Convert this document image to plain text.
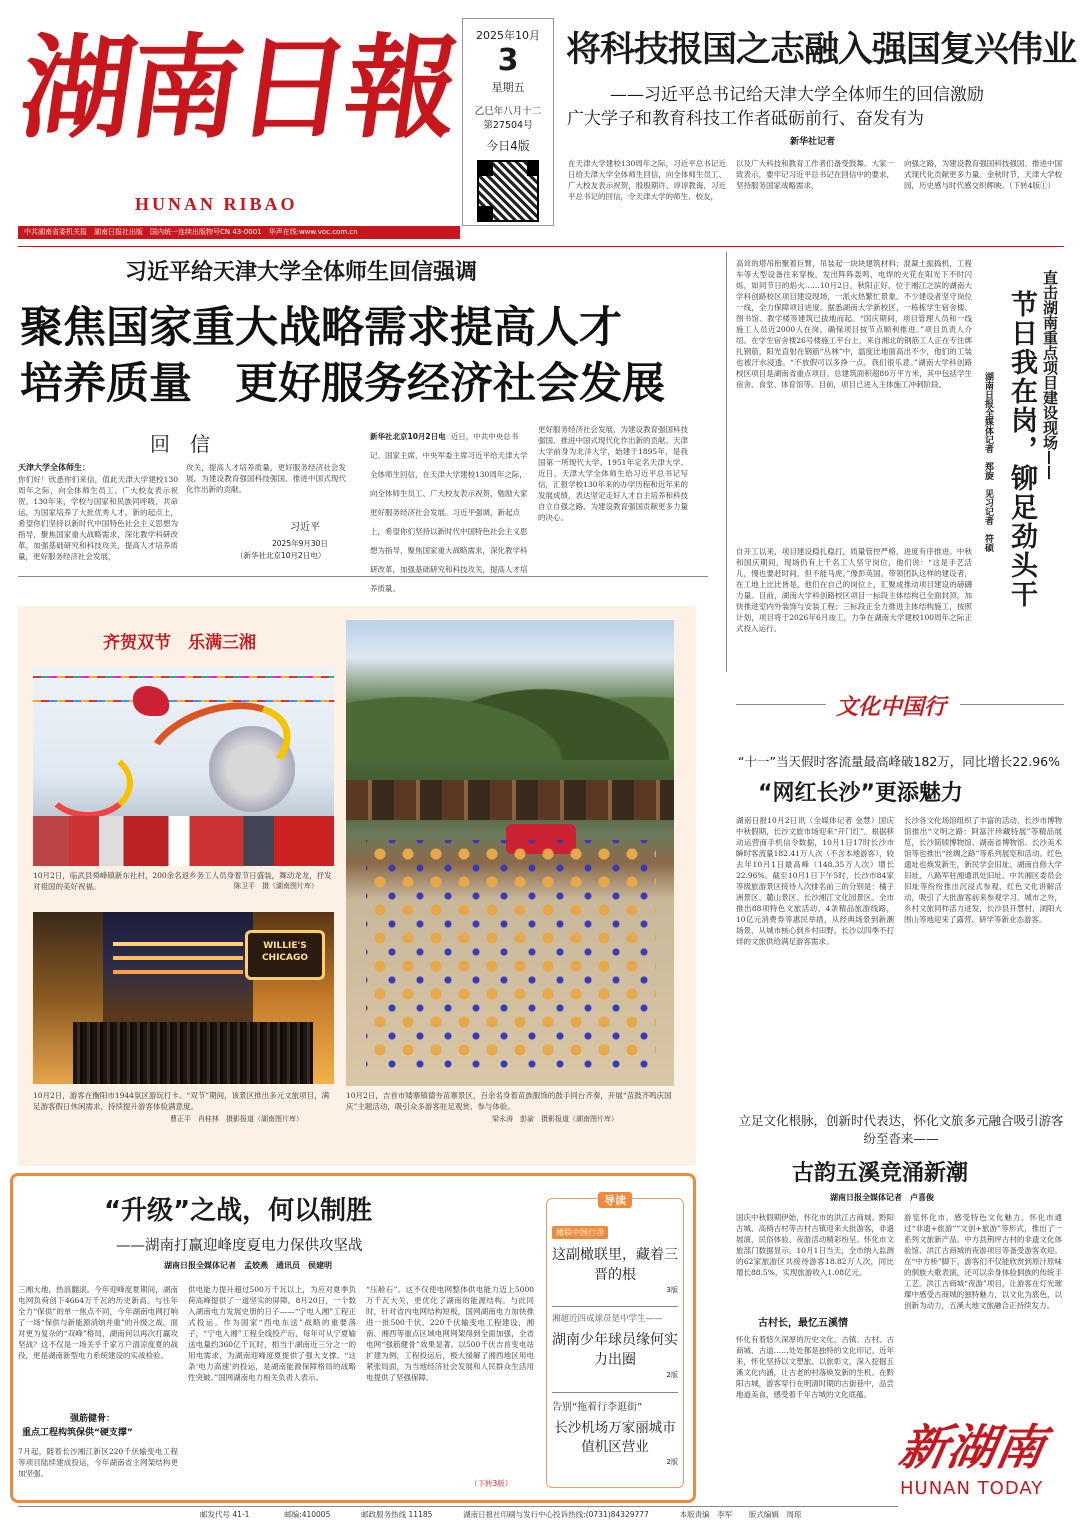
湖南日報
HUNAN RIBAO
2025年10月
3
星期五
乙巳年八月十二
第27504号
今日4版
中共湖南省委机关报　湖南日报社出版　国内统一连续出版物号CN 43-0001　华声在线:www.voc.com.cn
将科技报国之志融入强国复兴伟业
——习近平总书记给天津大学全体师生的回信激励
广大学子和教育科技工作者砥砺前行、奋发有为
新华社记者
在天津大学建校130周年之际，习近平总书记近日给天津大学全体师生回信，向全体师生员工、广大校友表示祝贺，殷殷期许、谆谆教诲，习近平总书记的回信，令天津大学的师生、校友，
以及广大科技和教育工作者们备受鼓舞。大家一致表示，要牢记习近平总书记在回信中的要求，坚持服务国家战略需求，
向强之路，为建设教育强国科技强国、推进中国式现代化贡献更多力量。金秋时节，天津大学校园，历史感与时代感交织辉映。（下转4版①）
习近平给天津大学全体师生回信强调
聚焦国家重大战略需求提高人才
培养质量　更好服务经济社会发展
回　信
天津大学全体师生：
你们好！欣悉你们来信，值此天津大学建校130周年之际，向全体师生员工、广大校友表示祝贺。130年来，学校与国家和民族同呼吸、共命运，为国家培养了大批优秀人才。新的起点上，希望你们坚持以新时代中国特色社会主义思想为指导，聚焦国家重大战略需求，深化教学科研改革，加强基础研究和科技攻关，提高人才培养质量，更好服务经济社会发展，
攻关，提高人才培养质量，更好服务经济社会发展，为建设教育强国科技强国、推进中国式现代化作出新的贡献。
习近平
2025年9月30日
（新华社北京10月2日电）
新华社北京10月2日电 近日，中共中央总书记、国家主席、中央军委主席习近平给天津大学全体师生回信，在天津大学建校130周年之际，向全体师生员工、广大校友表示祝贺，勉励大家更好服务经济社会发展。习近平强调，新起点上，希望你们坚持以新时代中国特色社会主义思想为指导，聚焦国家重大战略需求，深化教学科研改革，加强基础研究和科技攻关，提高人才培养质量。
更好服务经济社会发展，为建设教育强国科技强国、推进中国式现代化作出新的贡献。天津大学前身为北洋大学，始建于1895年，是我国第一所现代大学。1951年定名天津大学。近日，天津大学全体师生给习近平总书记写信，汇报学校130年来的办学历程和近年来的发展成绩，表达坚定走好人才自主培养和科技自立自强之路、为建设教育强国贡献更多力量的决心。
齐贺双节　乐满三湘
10月2日，临武县舜峰镇新东社村，200余名返乡务工人员身着节日盛装，舞动龙龙，抒发对祖国的美好祝福。	陈卫平　摄（湖南图片库）
WILLIE'S CHICAGO
10月2日，游客在衡阳市1944氛区游玩打卡。“双节”期间，该景区推出多元文旅项目，满足游客假日休闲需求，持续提升游客体验满意度。
曹正平　肖桂林　摄影报道（湖南图片库）
10月2日，吉首市矮寨镇德夯苗寨景区，百余名身着苗族服饰的鼓手同台齐奏，开展“苗鼓齐鸣庆国庆”主题活动，吸引众多游客驻足观赏、参与体验。
梁永涛　彭渝　摄影报道（湖南图片库）
高耸的塔吊衔聚着巨臂，吊装起一块块建筑材料；混凝土振捣机，工程车等大型设备往来穿梭，发出阵阵轰鸣，电焊的火花在阳光下不时闪烁，如同节日的焰火……10月2日，秋阳正好，位于湘江之滨的湖南大学科创路校区项目建设现场，一派火热繁忙景象。不少建设者坚守岗位一线，全力保障项目进度。据悉湖南大学新校区，一栋栋学生宿舍楼、图书馆、教学楼等建筑已拔地而起。“国庆期间，项目管理人员和一线施工人员近2000人在岗，确保项目按节点顺利推进。”项目负责人介绍。在学生宿舍楼26号楼施工平台上，来自湘北的钢筋工人正在专注绑扎钢筋，阳光直射在钢筋“丛林”中，温度比地面高出不少，他们的工装也被汗水浸透。“不放假可以多挣一点，我们很乐意。”湖南大学科创路校区项目是湖南省重点项目，总建筑面积超80万平方米，其中包括学生宿舍、食堂、体育馆等。目前，项目已进入主体施工冲刺阶段。
自开工以来，项目建设稳扎稳打，质量管控严格，进度有序推进。中秋和国庆期间，现场仍有上千名工人坚守岗位，他们说：“这是手艺活儿，慢也要赶时间，但不能马虎。”像彭英国，带领团队这样的建设者，在工地上比比皆是，他们在自己的岗位上，汇聚成推动项目建设的磅礴力量。目前，湖南大学科创路校区项目一标段主体结构已全面封顶，加快推进室内外装饰与安装工程；三标段正全力推进主体结构施工，按照计划，项目将于2026年6月竣工，力争在湖南大学建校100周年之际正式投入运行。
直击湖南重点项目建设现场——
节日我在岗，铆足劲头干
湖南日报全媒体记者　郑旋　见习记者　符硕
文化中国行
“十一”当天假时客流量最高峰破182万，同比增长22.96%
“网红长沙”更添魅力
湖南日报10月2日讯（全媒体记者 金慧）国庆中秋假期，长沙文旅市场迎来“开门红”。根据移动运营商手机信令数据，10月1日17时长沙市瞬时客流量182.41万人次（不含本地游客），较去年10月1日最高峰（148.35万人次）增长22.96%。截至10月1日下午5时，长沙市84家等级旅游景区接待人次排名前三的分别是：橘子洲景区、麓山景区、长沙湘江文化园景区。全市推出88项特色文旅活动、4条精品旅游线路，10亿元消费券等惠民举措，从经典场景到新潮场景，从城市核心到乡村田野，长沙以四季不打烊的文旅供给满足游客需求。
长沙各文化场馆组织了丰富的活动，长沙市博物馆推出“文明之路：阿富汗珍藏特展”等精品展览，长沙简牍博物馆、湖南省博物馆、长沙美术馆等也推出“丝绸之路”等系列展览和活动。红色遗址也焕发新生，新民学会旧址、湖南自修大学旧址、八路军驻湘通讯处旧址、中共湘区委员会旧址等纷纷推出沉浸式参观、红色文化讲解活动，吸引了大批游客前来参观学习。城市之外，乡村文旅同样活力迸发，长沙县开慧村、浏阳大围山等地迎来了露营、研学等新业态游客。
立足文化根脉，创新时代表达，怀化文旅多元融合吸引游客纷至沓来——
古韵五溪竞涌新潮
湖南日报全媒体记者　卢喜俊
国庆中秋假期伊始，怀化市的洪江古商城、黔阳古城、高椅古村等古村古镇迎来大批游客，非遗展演、民俗体验、夜游活动精彩纷呈。怀化市文旅部门数据显示，10月1日当天，全市纳入监测的62家旅游区共接待游客18.82万人次，同比增长88.5%，实现旅游收入1.08亿元。
古村长，最忆五溪情
怀化有着悠久深厚的历史文化，古镇、古村、古商城、古道……处处都是独特的文化印记。近年来，怀化坚持以文塑旅、以旅彰文，深入挖掘五溪文化内涵，让古老的村落焕发新的生机。在黔阳古城，游客穿行在明清时期的古街巷中，品尝地道美食，感受着千年古城的文化底蕴。
游览怀化市，感受特色文化魅力。怀化市通过“非遗+旅游”“文创+旅游”等形式，推出了一系列文旅新产品。中方县荆坪古村的非遗文化体验馆、洪江古商城的夜游项目等备受游客欢迎。在“中方桥”脚下，游客们不仅能欣赏到原汁原味的侗族大歌表演，还可以亲身体验侗族的传统手工艺。洪江古商城“夜游”项目，让游客在灯光璀璨中感受古商城的独特魅力，以文化为底色，以创新为动力，五溪大地文旅融合正持续发力。
新湖南
HUNAN TODAY
“升级”之战，何以制胜
——湖南打赢迎峰度夏电力保供攻坚战
湖南日报全媒体记者　孟姣燕　通讯员　侯建明
三湘大地，热浪翻滚。今年迎峰度夏期间，湖南电网负荷创下4664万千瓦的历史新高。与往年全力“保供”的单一焦点不同，今年湖南电网打响了一场“保供与新能源消纳并重”的升级之战。面对更为复杂的“双峰”格局，湖南何以再次打赢攻坚战？这不仅是一场关乎千家万户清凉度夏的战役，更是湖南新型电力系统建设的实战检验。
强筋健骨：
重点工程构筑保供“硬支撑”
7月起，随着长沙湘江新区220千伏输变电工程等项目陆续建成投运，今年湖南省主网架结构更加坚强。
供电能力提升超过500万千瓦以上，为应对夏季负荷高峰提供了一道坚实的屏障。8月20日，一个数入湖南电力发展史册的日子——“宁电入湘”工程正式投运。作为国家“西电东送”战略的重要落子，“宁电入湘”工程全线投产后，每年可从宁夏输送电量约360亿千瓦时，相当于湖南近三分之一的用电需求，为湖南迎峰度夏提供了强大支撑。“这条‘电力高速’的投运，是湖南能源保障格局的战略性突破。”国网湖南电力相关负责人表示。
“压舱石”。这不仅使电网整体供电能力迈上5000万千瓦大关，更优化了湖南的能源结构。与此同时，针对省内电网结构短板，国网湖南电力加快推进一批500千伏、220千伏输变电工程建设，湘南、湘西等重点区域电网网架得到全面加强，全省电网“强筋健骨”效果显著。以500千伏吉首变电站扩建为例，工程投运后，极大缓解了湘西地区用电紧张局面，为当地经济社会发展和人民群众生活用电提供了坚强保障。
（下转3版）
导读
橄联中国行⑳
这副橄联里，藏着三晋的根
3版
湘超近四成球员是中学生——
湖南少年球员缘何实力出圈
2版
告别“拖着行李逛街”
长沙机场万家丽城市值机区营业
2版
邮发代号 41-1	邮编:410005	邮政服务热线 11185	湖南日报社印刷与发行中心投诉热线:(0731)84329777	本版责编　李军 版式编辑　周琼
